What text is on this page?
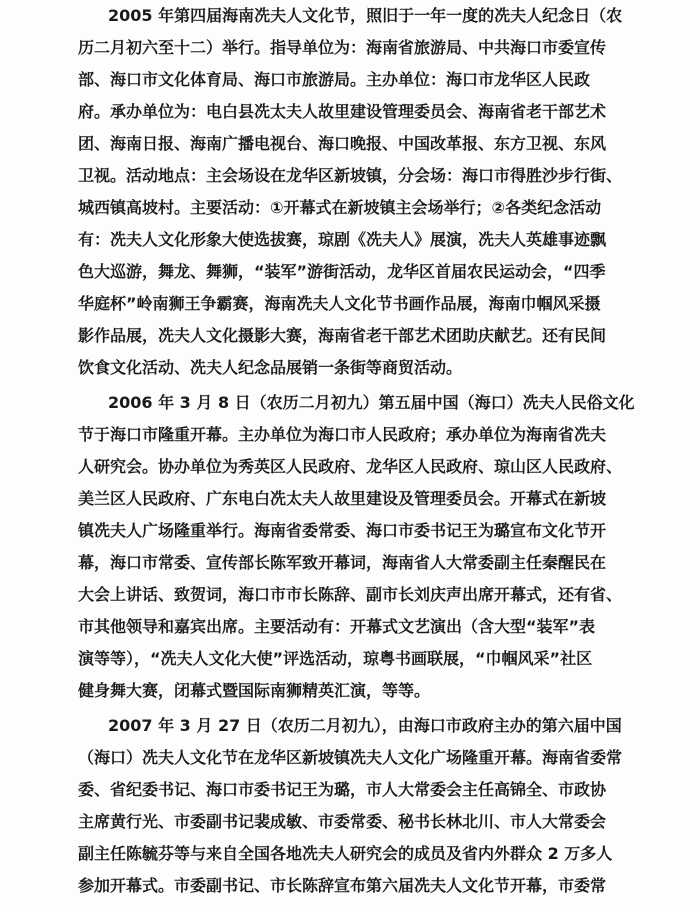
2005 年第四届海南冼夫人文化节，照旧于一年一度的冼夫人纪念日（农
历二月初六至十二）举行。指导单位为：海南省旅游局、中共海口市委宣传
部、海口市文化体育局、海口市旅游局。主办单位：海口市龙华区人民政
府。承办单位为：电白县冼太夫人故里建设管理委员会、海南省老干部艺术
团、海南日报、海南广播电视台、海口晚报、中国改革报、东方卫视、东风
卫视。活动地点：主会场设在龙华区新坡镇，分会场：海口市得胜沙步行街、
城西镇高坡村。主要活动：①开幕式在新坡镇主会场举行；②各类纪念活动
有：冼夫人文化形象大使选拔赛，琼剧《冼夫人》展演，冼夫人英雄事迹飘
色大巡游，舞龙、舞狮，“装军”游街活动，龙华区首届农民运动会，“四季
华庭杯”岭南狮王争霸赛，海南冼夫人文化节书画作品展，海南巾帼风采摄
影作品展，冼夫人文化摄影大赛，海南省老干部艺术团助庆献艺。还有民间
饮食文化活动、冼夫人纪念品展销一条街等商贸活动。
2006 年 3 月 8 日（农历二月初九）第五届中国（海口）冼夫人民俗文化
节于海口市隆重开幕。主办单位为海口市人民政府；承办单位为海南省冼夫
人研究会。协办单位为秀英区人民政府、龙华区人民政府、琼山区人民政府、
美兰区人民政府、广东电白冼太夫人故里建设及管理委员会。开幕式在新坡
镇冼夫人广场隆重举行。海南省委常委、海口市委书记王为璐宣布文化节开
幕，海口市常委、宣传部长陈军致开幕词，海南省人大常委副主任秦醒民在
大会上讲话、致贺词，海口市市长陈辞、副市长刘庆声出席开幕式，还有省、
市其他领导和嘉宾出席。主要活动有：开幕式文艺演出（含大型“装军”表
演等等），“冼夫人文化大使”评选活动，琼粤书画联展，“巾帼风采”社区
健身舞大赛，闭幕式暨国际南狮精英汇演，等等。
2007 年 3 月 27 日（农历二月初九），由海口市政府主办的第六届中国
（海口）冼夫人文化节在龙华区新坡镇冼夫人文化广场隆重开幕。海南省委常
委、省纪委书记、海口市委书记王为璐，市人大常委会主任高锦全、市政协
主席黄行光、市委副书记裴成敏、市委常委、秘书长林北川、市人大常委会
副主任陈毓芬等与来自全国各地冼夫人研究会的成员及省内外群众 2 万多人
参加开幕式。市委副书记、市长陈辞宣布第六届冼夫人文化节开幕，市委常
